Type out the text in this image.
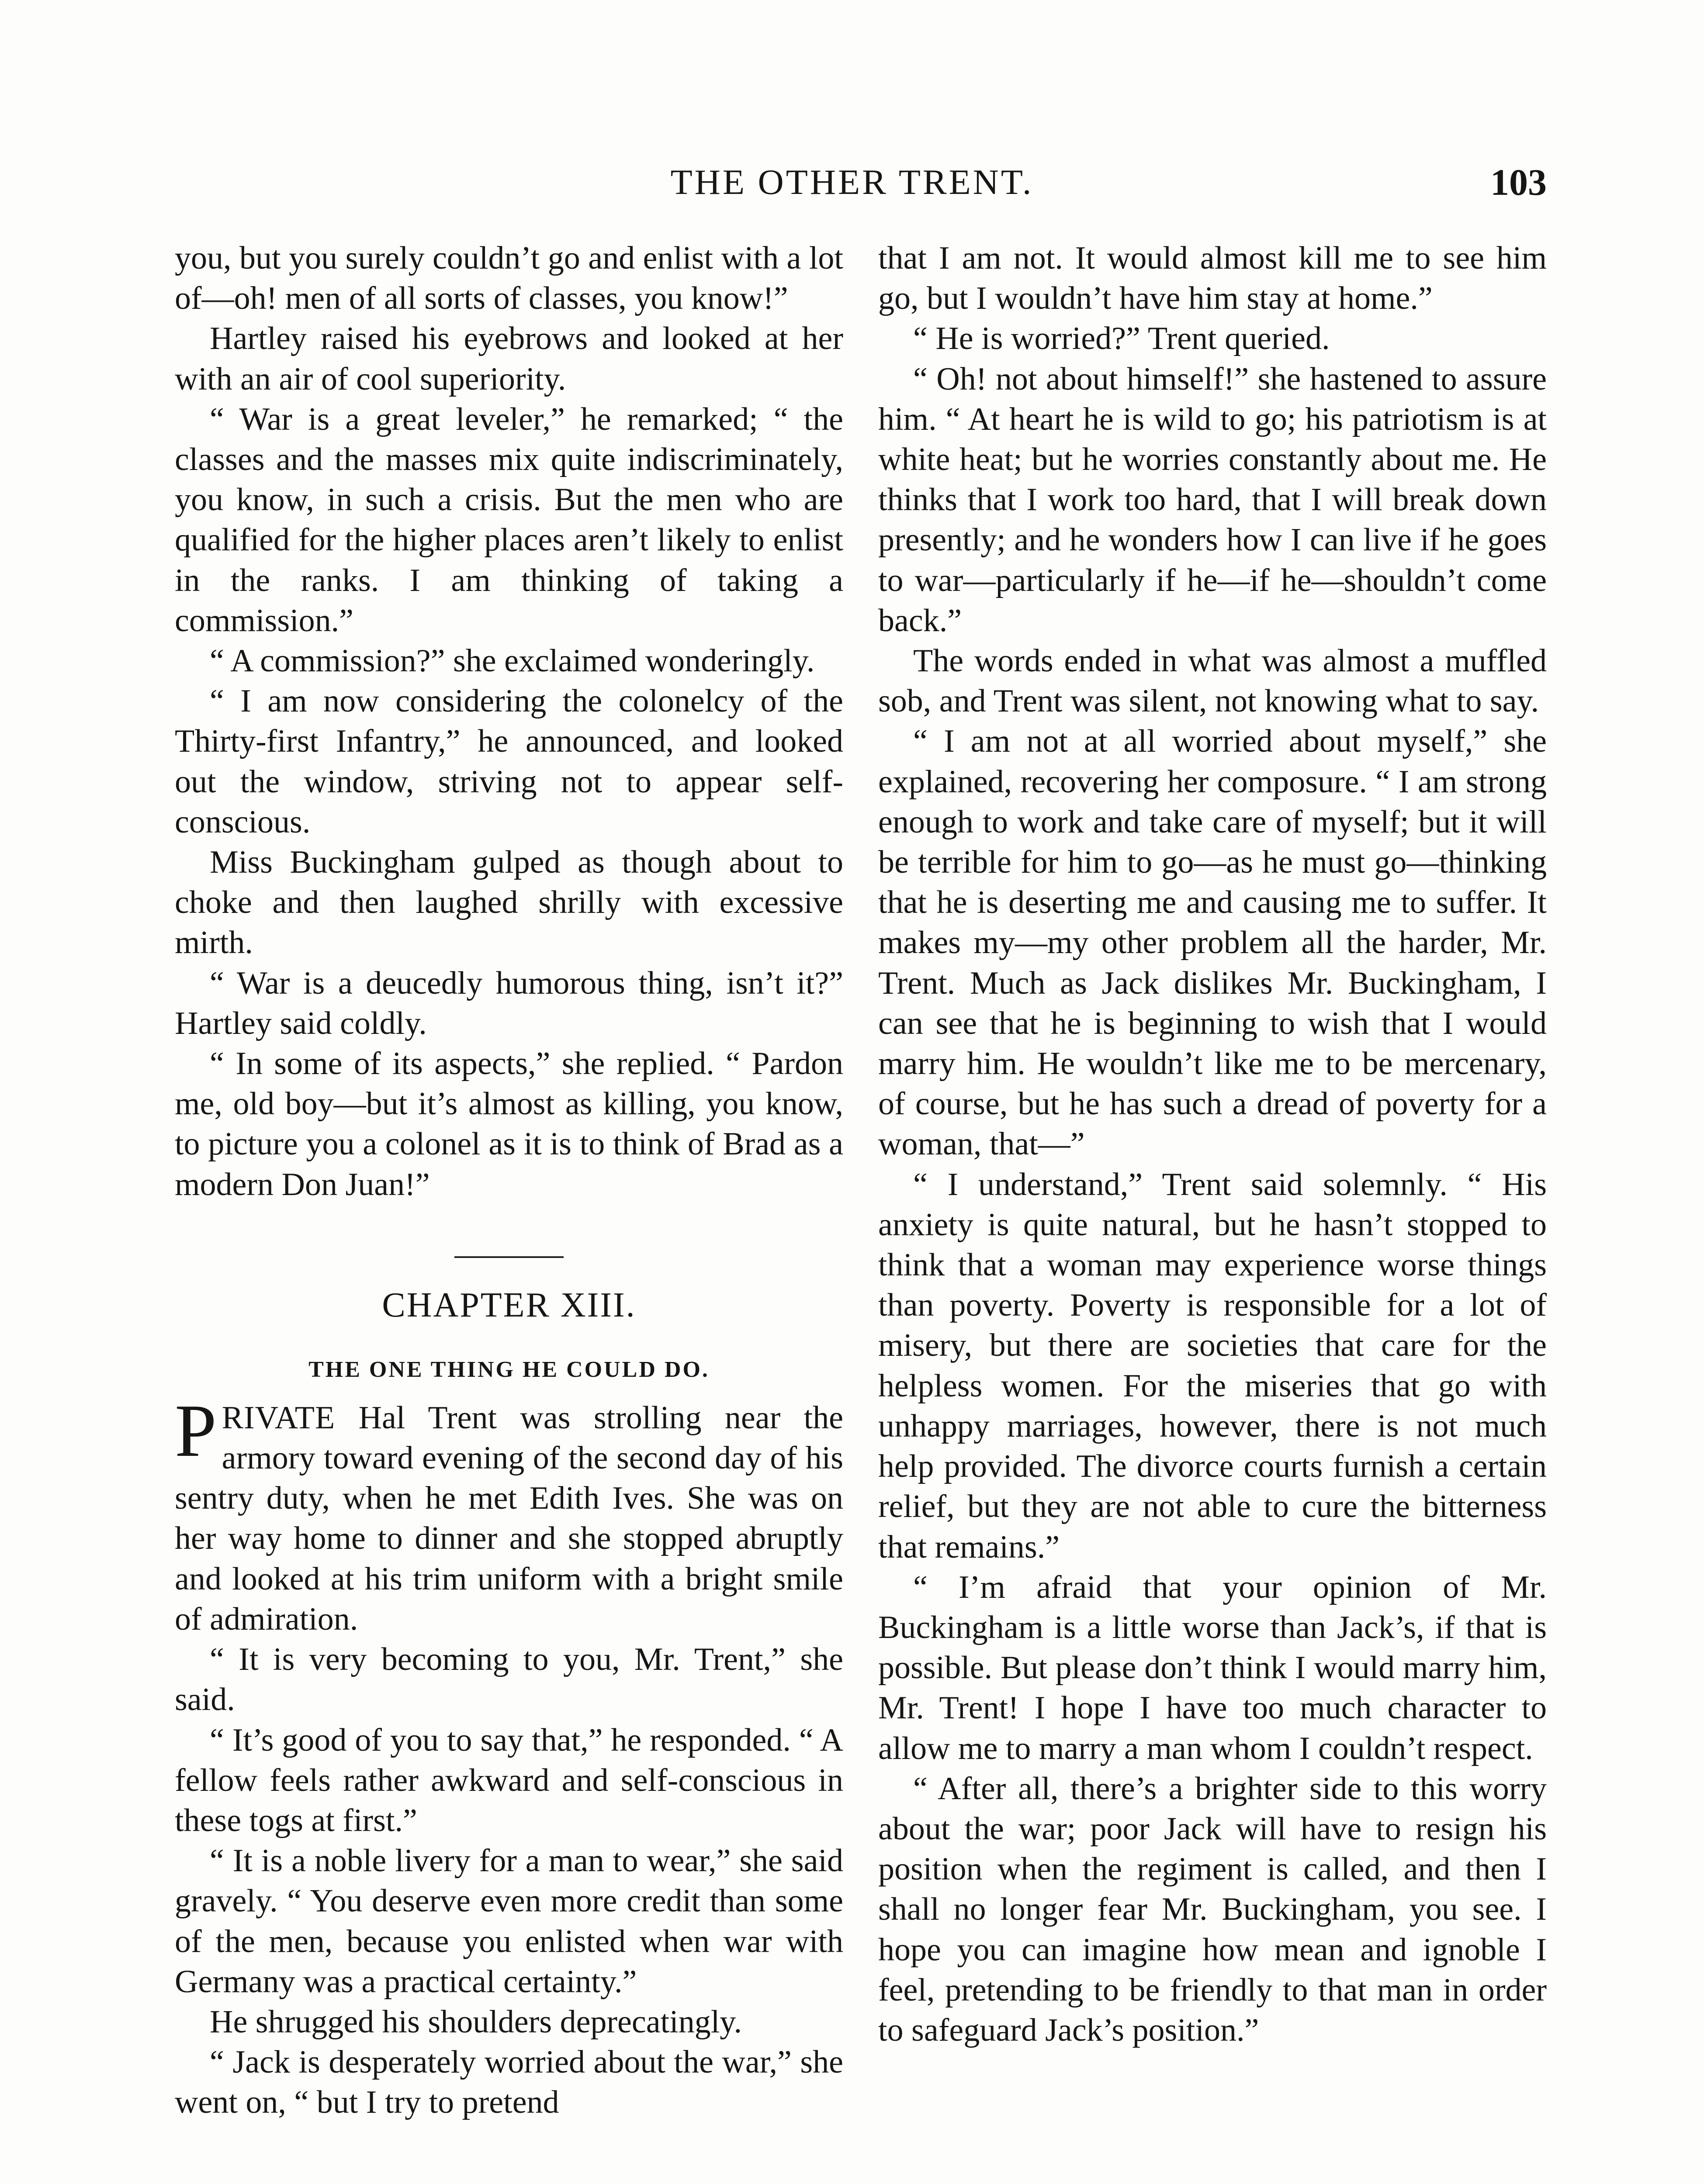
THE OTHER TRENT.	103

you, but you surely couldn’t go and enlist with a lot of—oh! men of all sorts of classes, you know!”

Hartley raised his eyebrows and looked at her with an air of cool superiority.

“ War is a great leveler,” he remarked; “ the classes and the masses mix quite indiscriminately, you know, in such a crisis. But the men who are qualified for the higher places aren’t likely to enlist in the ranks. I am thinking of taking a commission.”

“ A commission?” she exclaimed wonderingly.

“ I am now considering the colonelcy of the Thirty-first Infantry,” he announced, and looked out the window, striving not to appear self-conscious.

Miss Buckingham gulped as though about to choke and then laughed shrilly with excessive mirth.

“ War is a deucedly humorous thing, isn’t it?” Hartley said coldly.

“ In some of its aspects,” she replied. “ Pardon me, old boy—but it’s almost as killing, you know, to picture you a colonel as it is to think of Brad as a modern Don Juan!”

CHAPTER XIII.

THE ONE THING HE COULD DO.

PRIVATE Hal Trent was strolling near the armory toward evening of the second day of his sentry duty, when he met Edith Ives. She was on her way home to dinner and she stopped abruptly and looked at his trim uniform with a bright smile of admiration.

“ It is very becoming to you, Mr. Trent,” she said.

“ It’s good of you to say that,” he responded. “ A fellow feels rather awkward and self-conscious in these togs at first.”

“ It is a noble livery for a man to wear,” she said gravely. “ You deserve even more credit than some of the men, because you enlisted when war with Germany was a practical certainty.”

He shrugged his shoulders deprecatingly.

“ Jack is desperately worried about the war,” she went on, “ but I try to pretend

that I am not. It would almost kill me to see him go, but I wouldn’t have him stay at home.”

“ He is worried?” Trent queried.

“ Oh! not about himself!” she hastened to assure him. “ At heart he is wild to go; his patriotism is at white heat; but he worries constantly about me. He thinks that I work too hard, that I will break down presently; and he wonders how I can live if he goes to war—particularly if he—if he—shouldn’t come back.”

The words ended in what was almost a muffled sob, and Trent was silent, not knowing what to say.

“ I am not at all worried about myself,” she explained, recovering her composure. “ I am strong enough to work and take care of myself; but it will be terrible for him to go—as he must go—thinking that he is deserting me and causing me to suffer. It makes my—my other problem all the harder, Mr. Trent. Much as Jack dislikes Mr. Buckingham, I can see that he is beginning to wish that I would marry him. He wouldn’t like me to be mercenary, of course, but he has such a dread of poverty for a woman, that—”

“ I understand,” Trent said solemnly. “ His anxiety is quite natural, but he hasn’t stopped to think that a woman may experience worse things than poverty. Poverty is responsible for a lot of misery, but there are societies that care for the helpless women. For the miseries that go with unhappy marriages, however, there is not much help provided. The divorce courts furnish a certain relief, but they are not able to cure the bitterness that remains.”

“ I’m afraid that your opinion of Mr. Buckingham is a little worse than Jack’s, if that is possible. But please don’t think I would marry him, Mr. Trent! I hope I have too much character to allow me to marry a man whom I couldn’t respect.

“ After all, there’s a brighter side to this worry about the war; poor Jack will have to resign his position when the regiment is called, and then I shall no longer fear Mr. Buckingham, you see. I hope you can imagine how mean and ignoble I feel, pretending to be friendly to that man in order to safeguard Jack’s position.”
